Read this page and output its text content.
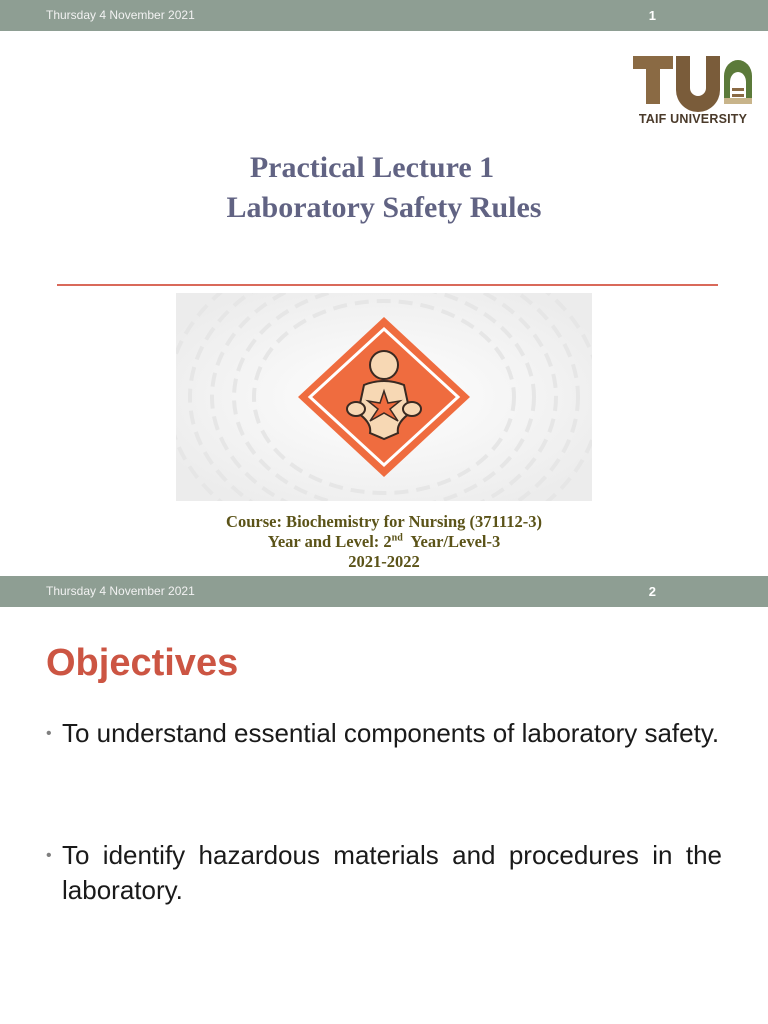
Thursday 4 November 2021	1
TAIF UNIVERSITY
Practical Lecture 1
Laboratory Safety Rules
Course: Biochemistry for Nursing (371112-3)
Year and Level: 2nd  Year/Level-3
2021-2022
Thursday 4 November 2021	2
Objectives
• To understand essential components of laboratory safety.
• To identify hazardous materials and procedures in the laboratory.
